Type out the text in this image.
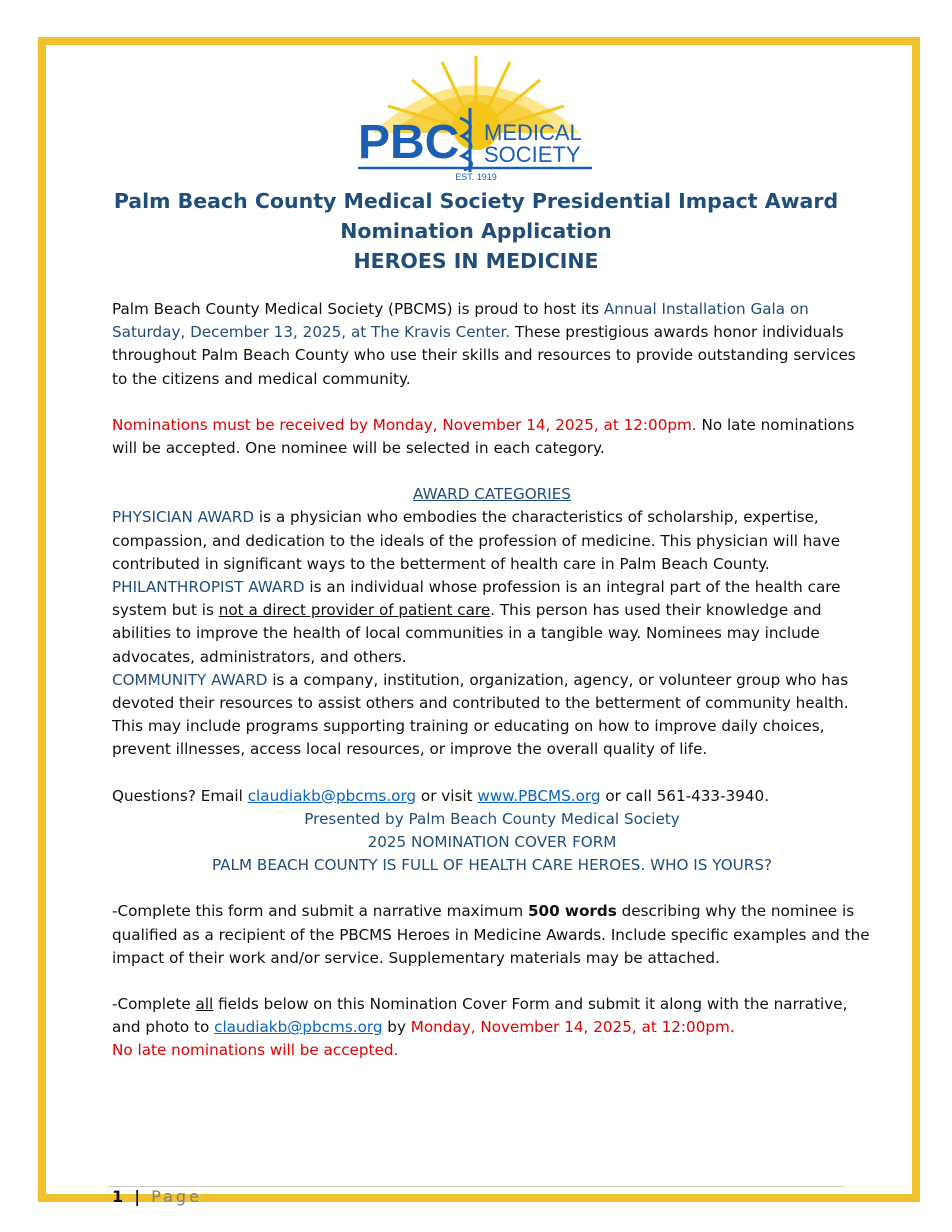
PBC MEDICAL
SOCIETY
EST. 1919
Palm Beach County Medical Society Presidential Impact Award
Nomination Application
HEROES IN MEDICINE

Palm Beach County Medical Society (PBCMS) is proud to host its Annual Installation Gala on Saturday, December 13, 2025, at The Kravis Center. These prestigious awards honor individuals throughout Palm Beach County who use their skills and resources to provide outstanding services to the citizens and medical community.

Nominations must be received by Monday, November 14, 2025, at 12:00pm. No late nominations will be accepted. One nominee will be selected in each category.

AWARD CATEGORIES

PHYSICIAN AWARD is a physician who embodies the characteristics of scholarship, expertise, compassion, and dedication to the ideals of the profession of medicine. This physician will have contributed in significant ways to the betterment of health care in Palm Beach County.

PHILANTHROPIST AWARD is an individual whose profession is an integral part of the health care system but is not a direct provider of patient care. This person has used their knowledge and abilities to improve the health of local communities in a tangible way. Nominees may include advocates, administrators, and others.

COMMUNITY AWARD is a company, institution, organization, agency, or volunteer group who has devoted their resources to assist others and contributed to the betterment of community health. This may include programs supporting training or educating on how to improve daily choices, prevent illnesses, access local resources, or improve the overall quality of life.

Questions? Email claudiakb@pbcms.org or visit www.PBCMS.org or call 561-433-3940.

Presented by Palm Beach County Medical Society

2025 NOMINATION COVER FORM

PALM BEACH COUNTY IS FULL OF HEALTH CARE HEROES. WHO IS YOURS?

-Complete this form and submit a narrative maximum 500 words describing why the nominee is qualified as a recipient of the PBCMS Heroes in Medicine Awards. Include specific examples and the impact of their work and/or service. Supplementary materials may be attached.

-Complete all fields below on this Nomination Cover Form and submit it along with the narrative, and photo to claudiakb@pbcms.org by Monday, November 14, 2025, at 12:00pm.
No late nominations will be accepted.

1 | Page
